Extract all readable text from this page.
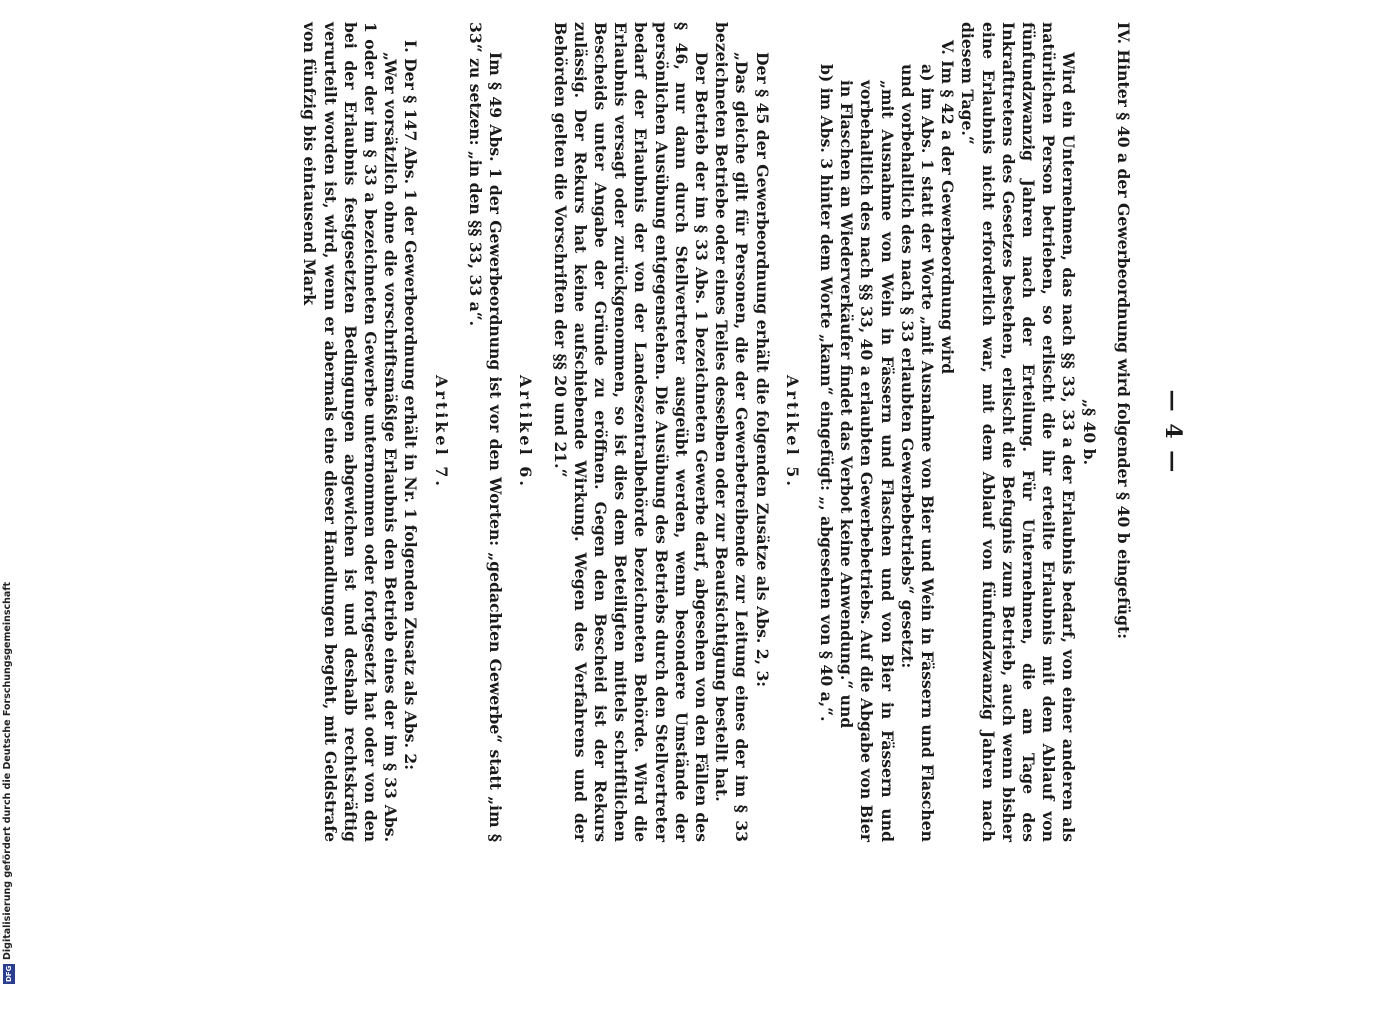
— 4 —

IV. Hinter § 40 a der Gewerbeordnung wird folgender § 40 b eingefügt:

„§ 40 b.

Wird ein Unternehmen, das nach §§ 33, 33 a der Erlaubnis bedarf, von einer anderen als natürlichen Person betrieben, so erlischt die ihr erteilte Erlaubnis mit dem Ablauf von fünfundzwanzig Jahren nach der Erteilung. Für Unternehmen, die am Tage des Inkrafttretens des Gesetzes bestehen, erlischt die Befugnis zum Betrieb, auch wenn bisher eine Erlaubnis nicht erforderlich war, mit dem Ablauf von fünfundzwanzig Jahren nach diesem Tage.“

V. Im § 42 a der Gewerbeordnung wird

a) im Abs. 1 statt der Worte „mit Ausnahme von Bier und Wein in Fässern und Flaschen und vorbehaltlich des nach § 33 erlaubten Gewerbebetriebs“ gesetzt:

„mit Ausnahme von Wein in Fässern und Flaschen und von Bier in Fässern und vorbehaltlich des nach §§ 33, 40 a erlaubten Gewerbebetriebs. Auf die Abgabe von Bier in Flaschen an Wiederverkäufer findet das Verbot keine Anwendung.“ und

b) im Abs. 3 hinter dem Worte „kann“ eingefügt: „, abgesehen von § 40 a,“.

Artikel 5.

Der § 45 der Gewerbeordnung erhält die folgenden Zusätze als Abs. 2, 3:

„Das gleiche gilt für Personen, die der Gewerbetreibende zur Leitung eines der im § 33 bezeichneten Betriebe oder eines Teiles desselben oder zur Beaufsichtigung bestellt hat.

Der Betrieb der im § 33 Abs. 1 bezeichneten Gewerbe darf, abgesehen von den Fällen des § 46, nur dann durch Stellvertreter ausgeübt werden, wenn besondere Umstände der persönlichen Ausübung entgegenstehen. Die Ausübung des Betriebs durch den Stellvertreter bedarf der Erlaubnis der von der Landeszentralbehörde bezeichneten Behörde. Wird die Erlaubnis versagt oder zurückgenommen, so ist dies dem Beteiligten mittels schriftlichen Bescheids unter Angabe der Gründe zu eröffnen. Gegen den Bescheid ist der Rekurs zulässig. Der Rekurs hat keine aufschiebende Wirkung. Wegen des Verfahrens und der Behörden gelten die Vorschriften der §§ 20 und 21.“

Artikel 6.

Im § 49 Abs. 1 der Gewerbeordnung ist vor den Worten: „gedachten Gewerbe“ statt „im § 33“ zu setzen: „in den §§ 33, 33 a“.

Artikel 7.

I. Der § 147 Abs. 1 der Gewerbeordnung erhält in Nr. 1 folgenden Zusatz als Abs. 2:

„Wer vorsätzlich ohne die vorschriftsmäßige Erlaubnis den Betrieb eines der im § 33 Abs. 1 oder der im § 33 a bezeichneten Gewerbe unternommen oder fortgesetzt hat oder von den bei der Erlaubnis festgesetzten Bedingungen abgewichen ist und deshalb rechtskräftig verurteilt worden ist, wird, wenn er abermals eine dieser Handlungen begeht, mit Geldstrafe von fünfzig bis eintausend Mark

Digitalisierung gefördert durch die Deutsche Forschungsgemeinschaft
DFG
